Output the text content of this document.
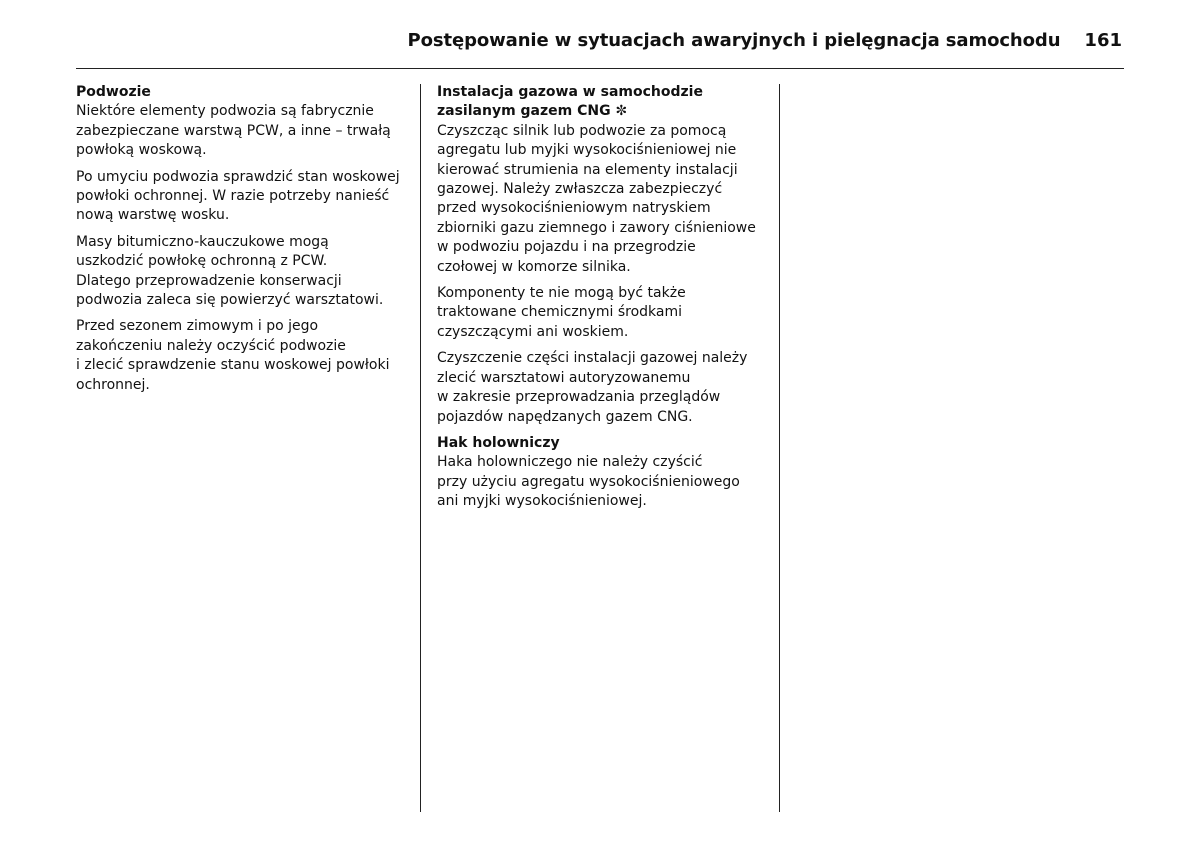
Postępowanie w sytuacjach awaryjnych i pielęgnacja samochodu 161

Podwozie

Niektóre elementy podwozia są fabrycznie
zabezpieczane warstwą PCW, a inne – trwałą
powłoką woskową.

Po umyciu podwozia sprawdzić stan woskowej
powłoki ochronnej. W razie potrzeby nanieść
nową warstwę wosku.

Masy bitumiczno-kauczukowe mogą
uszkodzić powłokę ochronną z PCW.
Dlatego przeprowadzenie konserwacji
podwozia zaleca się powierzyć warsztatowi.

Przed sezonem zimowym i po jego
zakończeniu należy oczyścić podwozie
i zlecić sprawdzenie stanu woskowej powłoki
ochronnej.

Instalacja gazowa w samochodzie
zasilanym gazem CNG ✼

Czyszcząc silnik lub podwozie za pomocą
agregatu lub myjki wysokociśnieniowej nie
kierować strumienia na elementy instalacji
gazowej. Należy zwłaszcza zabezpieczyć
przed wysokociśnieniowym natryskiem
zbiorniki gazu ziemnego i zawory ciśnieniowe
w podwoziu pojazdu i na przegrodzie
czołowej w komorze silnika.

Komponenty te nie mogą być także
traktowane chemicznymi środkami
czyszczącymi ani woskiem.

Czyszczenie części instalacji gazowej należy
zlecić warsztatowi autoryzowanemu
w zakresie przeprowadzania przeglądów
pojazdów napędzanych gazem CNG.

Hak holowniczy

Haka holowniczego nie należy czyścić
przy użyciu agregatu wysokociśnieniowego
ani myjki wysokociśnieniowej.
